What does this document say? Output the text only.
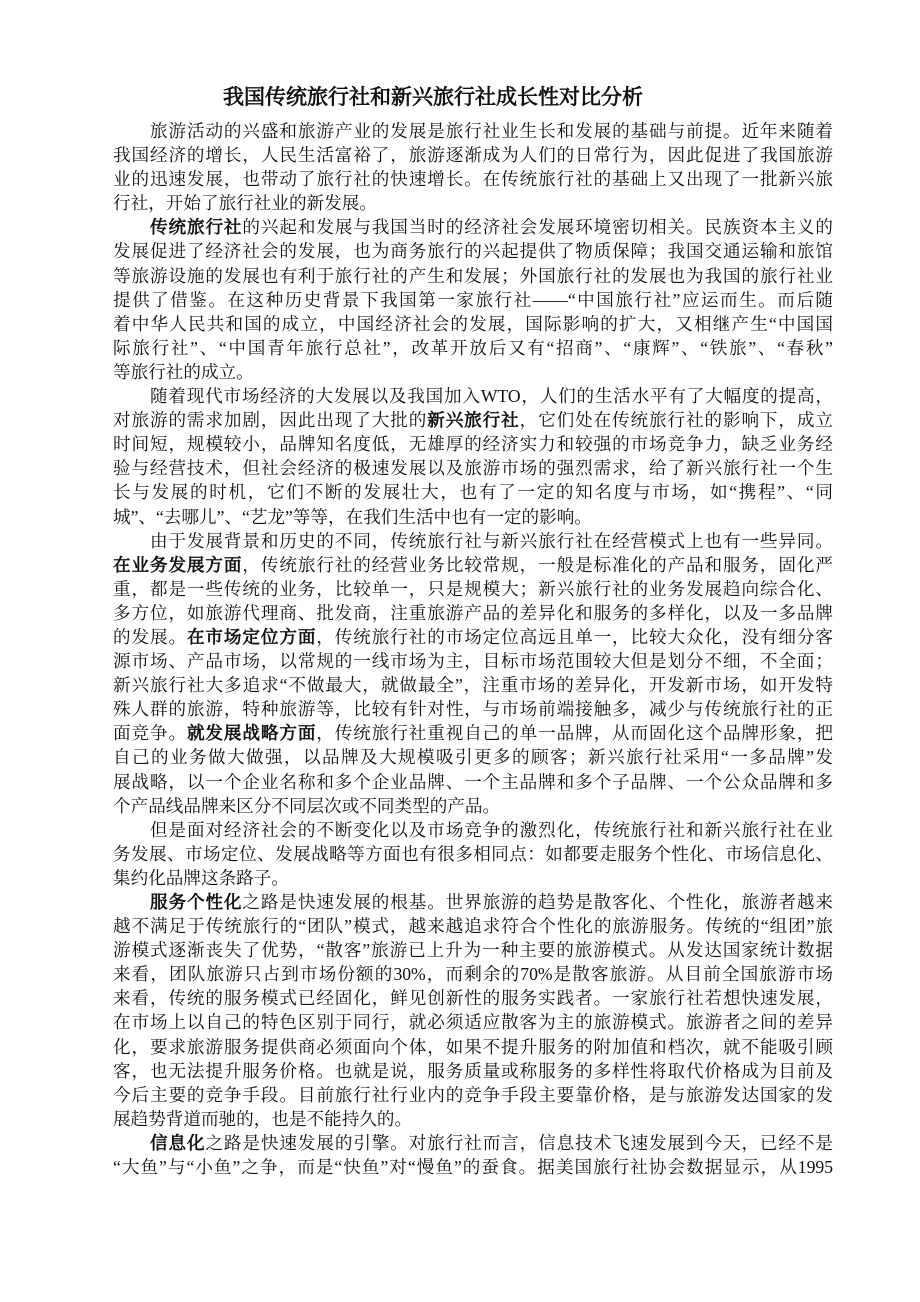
我国传统旅行社和新兴旅行社成长性对比分析
旅游活动的兴盛和旅游产业的发展是旅行社业生长和发展的基础与前提。近年来随着
我国经济的增长，人民生活富裕了，旅游逐渐成为人们的日常行为，因此促进了我国旅游
业的迅速发展，也带动了旅行社的快速增长。在传统旅行社的基础上又出现了一批新兴旅
行社，开始了旅行社业的新发展。
传统旅行社的兴起和发展与我国当时的经济社会发展环境密切相关。民族资本主义的
发展促进了经济社会的发展，也为商务旅行的兴起提供了物质保障；我国交通运输和旅馆
等旅游设施的发展也有利于旅行社的产生和发展；外国旅行社的发展也为我国的旅行社业
提供了借鉴。在这种历史背景下我国第一家旅行社——“中国旅行社”应运而生。而后随
着中华人民共和国的成立，中国经济社会的发展，国际影响的扩大，又相继产生“中国国
际旅行社”、“中国青年旅行总社”，改革开放后又有“招商”、“康辉”、“铁旅”、“春秋”
等旅行社的成立。
随着现代市场经济的大发展以及我国加入WTO，人们的生活水平有了大幅度的提高，
对旅游的需求加剧，因此出现了大批的新兴旅行社，它们处在传统旅行社的影响下，成立
时间短，规模较小，品牌知名度低，无雄厚的经济实力和较强的市场竞争力，缺乏业务经
验与经营技术，但社会经济的极速发展以及旅游市场的强烈需求，给了新兴旅行社一个生
长与发展的时机，它们不断的发展壮大，也有了一定的知名度与市场，如“携程”、“同
城”、“去哪儿”、“艺龙”等等，在我们生活中也有一定的影响。
由于发展背景和历史的不同，传统旅行社与新兴旅行社在经营模式上也有一些异同。
在业务发展方面，传统旅行社的经营业务比较常规，一般是标准化的产品和服务，固化严
重，都是一些传统的业务，比较单一，只是规模大；新兴旅行社的业务发展趋向综合化、
多方位，如旅游代理商、批发商，注重旅游产品的差异化和服务的多样化，以及一多品牌
的发展。在市场定位方面，传统旅行社的市场定位高远且单一，比较大众化，没有细分客
源市场、产品市场，以常规的一线市场为主，目标市场范围较大但是划分不细，不全面；
新兴旅行社大多追求“不做最大，就做最全”，注重市场的差异化，开发新市场，如开发特
殊人群的旅游，特种旅游等，比较有针对性，与市场前端接触多，减少与传统旅行社的正
面竞争。就发展战略方面，传统旅行社重视自己的单一品牌，从而固化这个品牌形象，把
自己的业务做大做强，以品牌及大规模吸引更多的顾客；新兴旅行社采用“一多品牌”发
展战略，以一个企业名称和多个企业品牌、一个主品牌和多个子品牌、一个公众品牌和多
个产品线品牌来区分不同层次或不同类型的产品。
但是面对经济社会的不断变化以及市场竞争的激烈化，传统旅行社和新兴旅行社在业
务发展、市场定位、发展战略等方面也有很多相同点：如都要走服务个性化、市场信息化、
集约化品牌这条路子。
服务个性化之路是快速发展的根基。世界旅游的趋势是散客化、个性化，旅游者越来
越不满足于传统旅行的“团队”模式，越来越追求符合个性化的旅游服务。传统的“组团”旅
游模式逐渐丧失了优势，“散客”旅游已上升为一种主要的旅游模式。从发达国家统计数据
来看，团队旅游只占到市场份额的30%，而剩余的70%是散客旅游。从目前全国旅游市场
来看，传统的服务模式已经固化，鲜见创新性的服务实践者。一家旅行社若想快速发展，
在市场上以自己的特色区别于同行，就必须适应散客为主的旅游模式。旅游者之间的差异
化，要求旅游服务提供商必须面向个体，如果不提升服务的附加值和档次，就不能吸引顾
客，也无法提升服务价格。也就是说，服务质量或称服务的多样性将取代价格成为目前及
今后主要的竞争手段。目前旅行社行业内的竞争手段主要靠价格，是与旅游发达国家的发
展趋势背道而驰的，也是不能持久的。
信息化之路是快速发展的引擎。对旅行社而言，信息技术飞速发展到今天，已经不是
“大鱼”与“小鱼”之争，而是“快鱼”对“慢鱼”的蚕食。据美国旅行社协会数据显示，从1995
